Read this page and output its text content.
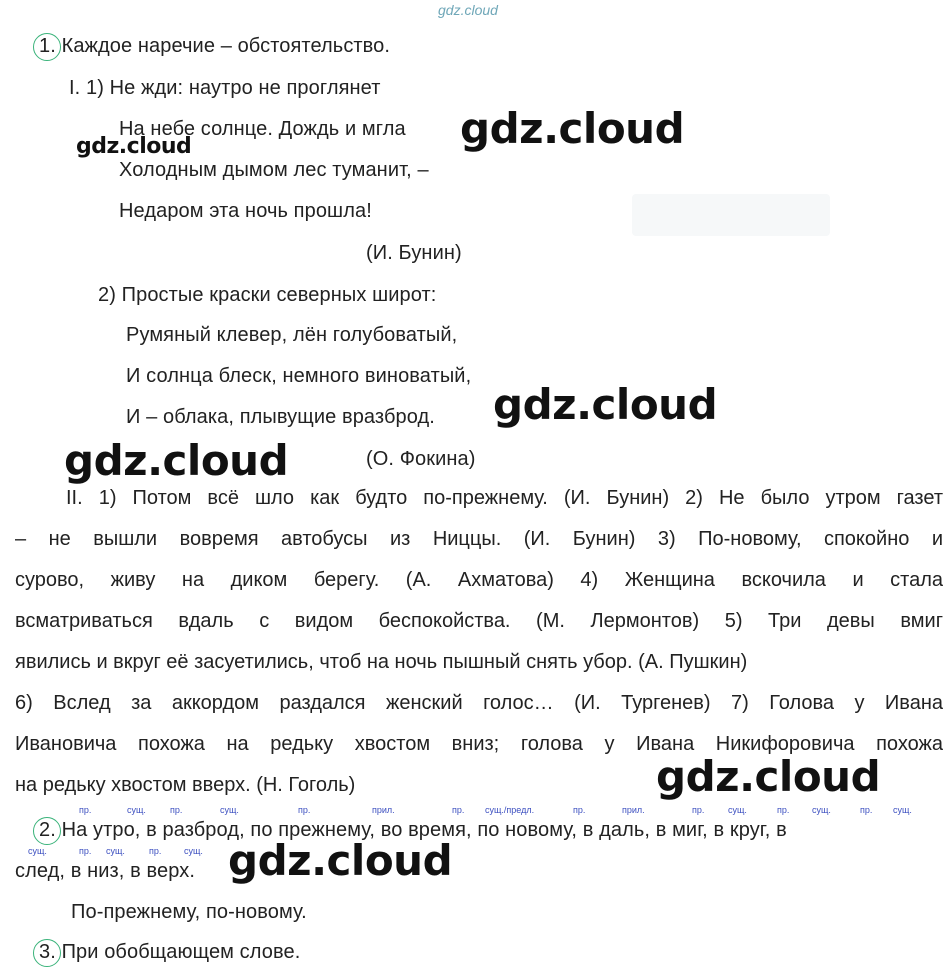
gdz.cloud
1. Каждое наречие – обстоятельство.
I. 1) Не жди: наутро не проглянет
На небе солнце. Дождь и мгла
Холодным дымом лес туманит, –
Недаром эта ночь прошла!
(И. Бунин)
2) Простые краски северных широт:
Румяный клевер, лён голубоватый,
И солнца блеск, немного виноватый,
И – облака, плывущие вразброд.
(О. Фокина)
II. 1) Потом всё шло как будто по-прежнему. (И. Бунин) 2) Не было утром газет
– не вышли вовремя автобусы из Ниццы. (И. Бунин) 3) По-новому, спокойно и
сурово, живу на диком берегу. (А. Ахматова) 4) Женщина вскочила и стала
всматриваться вдаль с видом беспокойства. (М. Лермонтов) 5) Три девы вмиг
явились и вкруг её засуетились, чтоб на ночь пышный снять убор. (А. Пушкин)
6) Вслед за аккордом раздался женский голос… (И. Тургенев) 7) Голова у Ивана
Ивановича похожа на редьку хвостом вниз; голова у Ивана Никифоровича похожа
на редьку хвостом вверх. (Н. Гоголь)
пр.	сущ.	пр.	сущ.	пр.	прил.	пр. сущ./предл.	пр.	прил.	пр.	сущ.	пр.	сущ.	пр. сущ.
2. На утро, в разброд, по прежнему, во время, по новому, в даль, в миг, в круг, в
сущ.	пр. сущ.	пр.	сущ.
след, в низ, в верх.
По-прежнему, по-новому.
3. При обобщающем слове.
gdz.cloud
gdz.cloud
gdz.cloud
gdz.cloud
gdz.cloud
gdz.cloud
